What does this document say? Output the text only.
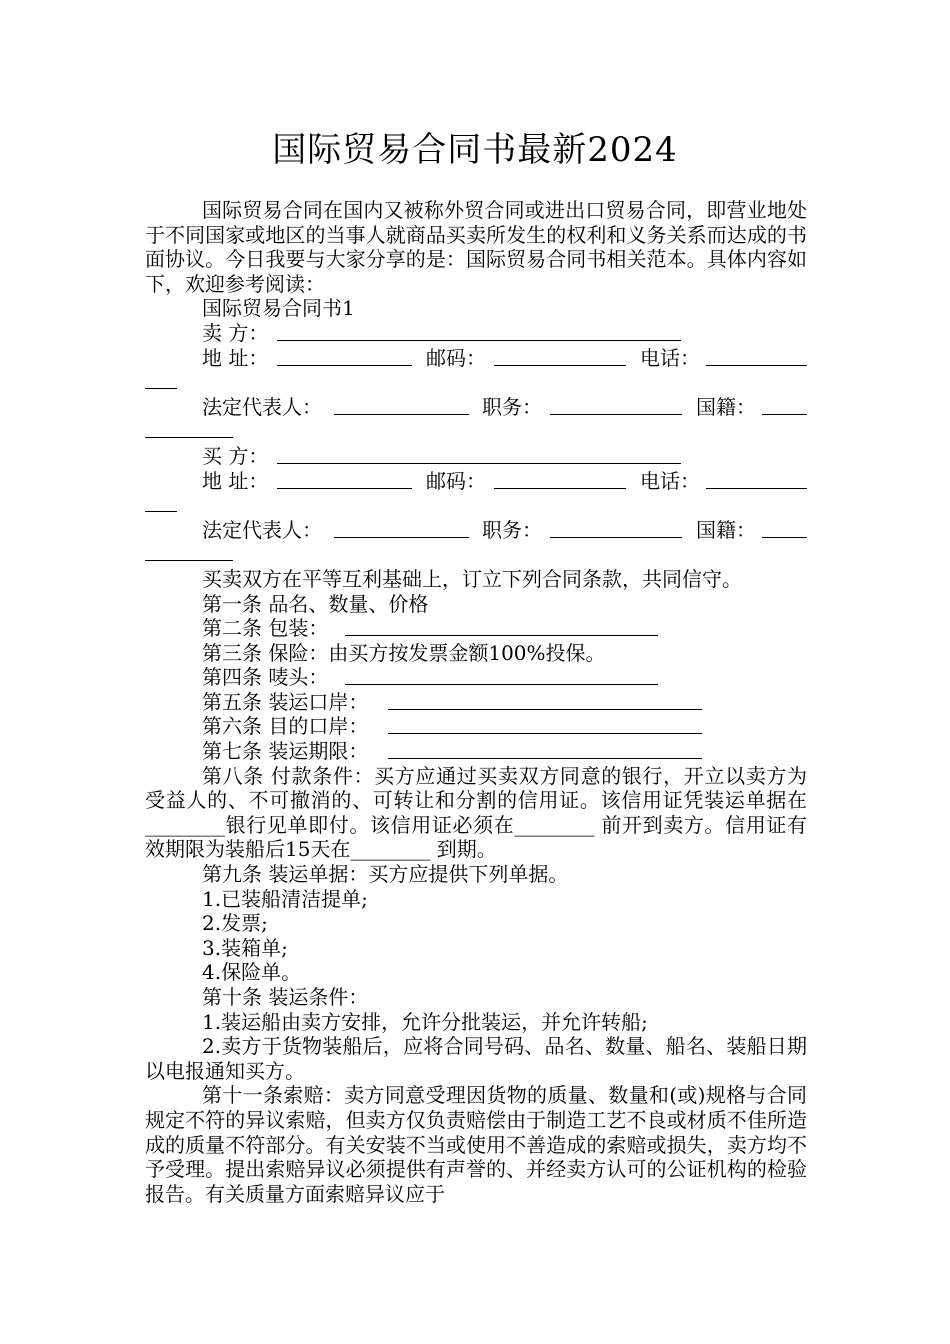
国际贸易合同书最新2024

国际贸易合同在国内又被称外贸合同或进出口贸易合同，即营业地处于不同国家或地区的当事人就商品买卖所发生的权利和义务关系而达成的书面协议。今日我要与大家分享的是：国际贸易合同书相关范本。具体内容如下，欢迎参考阅读：

国际贸易合同书1

卖 方：
地 址：	邮码：	电话：
法定代表人：	职务：	国籍：
买 方：
地 址：	邮码：	电话：
法定代表人：	职务：	国籍：

买卖双方在平等互利基础上，订立下列合同条款，共同信守。

第一条 品名、数量、价格

第二条 包装：

第三条 保险：由买方按发票金额100%投保。

第四条 唛头：
第五条 装运口岸：
第六条 目的口岸：
第七条 装运期限：

第八条 付款条件：买方应通过买卖双方同意的银行，开立以卖方为受益人的、不可撤消的、可转让和分割的信用证。该信用证凭装运单据在________银行见单即付。该信用证必须在________ 前开到卖方。信用证有效期限为装船后15天在________ 到期。

第九条 装运单据：买方应提供下列单据。

1.已装船清洁提单;

2.发票;

3.装箱单;

4.保险单。

第十条 装运条件：

1.装运船由卖方安排，允许分批装运，并允许转船;

2.卖方于货物装船后，应将合同号码、品名、数量、船名、装船日期以电报通知买方。

第十一条索赔：卖方同意受理因货物的质量、数量和(或)规格与合同规定不符的异议索赔，但卖方仅负责赔偿由于制造工艺不良或材质不佳所造成的质量不符部分。有关安装不当或使用不善造成的索赔或损失，卖方均不予受理。提出索赔异议必须提供有声誉的、并经卖方认可的公证机构的检验报告。有关质量方面索赔异议应于
